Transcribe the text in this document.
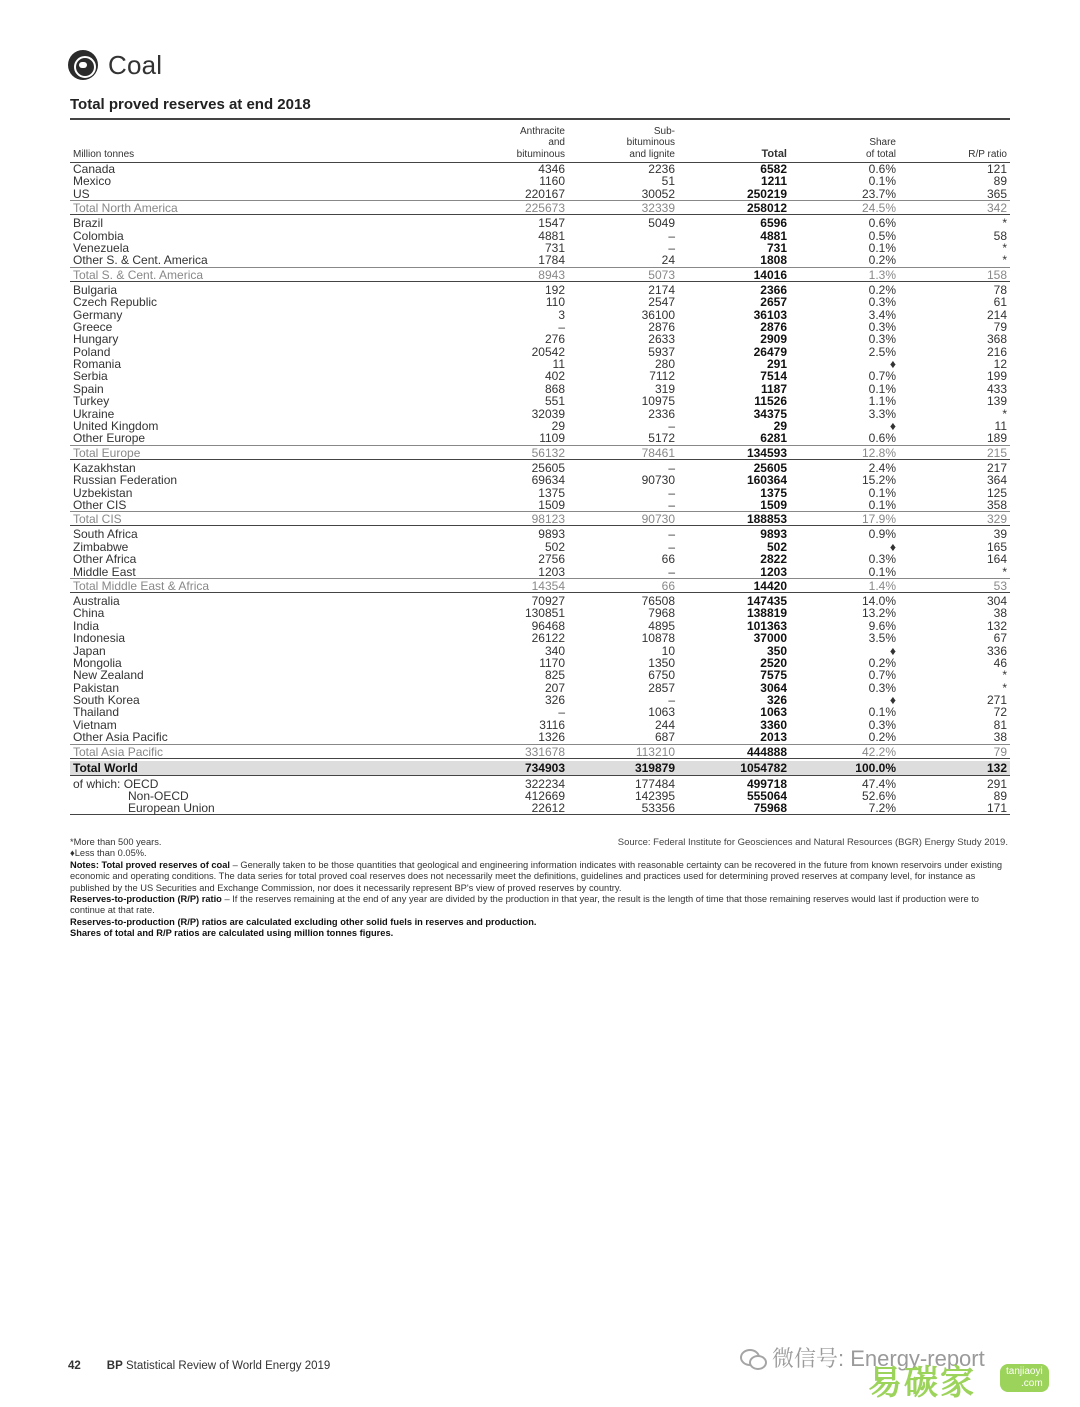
Coal
Total proved reserves at end 2018
Million tonnes
Anthracite
and
bituminous
Sub-
bituminous
and lignite	Total
Share
of total	R/P ratio
Canada	4346	2236	6582	0.6%	121
Mexico	1160	51	1211	0.1%	89
US	220167	30052	250219	23.7%	365
Total North America	225673	32339	258012	24.5%	342
Brazil	1547	5049	6596	0.6%	*
Colombia	4881	–	4881	0.5%	58
Venezuela	731	–	731	0.1%	*
Other S. & Cent. America	1784	24	1808	0.2%	*
Total S. & Cent. America	8943	5073	14016	1.3%	158
Bulgaria	192	2174	2366	0.2%	78
Czech Republic	110	2547	2657	0.3%	61
Germany	3	36100	36103	3.4%	214
Greece	–	2876	2876	0.3%	79
Hungary	276	2633	2909	0.3%	368
Poland	20542	5937	26479	2.5%	216
Romania	11	280	291	♦	12
Serbia	402	7112	7514	0.7%	199
Spain	868	319	1187	0.1%	433
Turkey	551	10975	11526	1.1%	139
Ukraine	32039	2336	34375	3.3%	*
United Kingdom	29	–	29	♦	11
Other Europe	1109	5172	6281	0.6%	189
Total Europe	56132	78461	134593	12.8%	215
Kazakhstan	25605	–	25605	2.4%	217
Russian Federation	69634	90730	160364	15.2%	364
Uzbekistan	1375	–	1375	0.1%	125
Other CIS	1509	–	1509	0.1%	358
Total CIS	98123	90730	188853	17.9%	329
South Africa	9893	–	9893	0.9%	39
Zimbabwe	502	–	502	♦	165
Other Africa	2756	66	2822	0.3%	164
Middle East	1203	–	1203	0.1%	*
Total Middle East & Africa	14354	66	14420	1.4%	53
Australia	70927	76508	147435	14.0%	304
China	130851	7968	138819	13.2%	38
India	96468	4895	101363	9.6%	132
Indonesia	26122	10878	37000	3.5%	67
Japan	340	10	350	♦	336
Mongolia	1170	1350	2520	0.2%	46
New Zealand	825	6750	7575	0.7%	*
Pakistan	207	2857	3064	0.3%	*
South Korea	326	–	326	♦	271
Thailand	–	1063	1063	0.1%	72
Vietnam	3116	244	3360	0.3%	81
Other Asia Pacific	1326	687	2013	0.2%	38
Total Asia Pacific	331678	113210	444888	42.2%	79
Total World	734903	319879	1054782	100.0%	132
of which: OECD	322234	177484	499718	47.4%	291
Non-OECD	412669	142395	555064	52.6%	89
European Union	22612	53356	75968	7.2%	171

*More than 500 years.

♦Less than 0.05%.

Notes: Total proved reserves of coal – Generally taken to be those quantities that geological and engineering information indicates with reasonable certainty can be recovered in the future from known reservoirs under existing economic and operating conditions. The data series for total proved coal reserves does not necessarily meet the definitions, guidelines and practices used for determining proved reserves at company level, for instance as published by the US Securities and Exchange Commission, nor does it necessarily represent BP's view of proved reserves by country.

Reserves-to-production (R/P) ratio – If the reserves remaining at the end of any year are divided by the production in that year, the result is the length of time that those remaining reserves would last if production were to continue at that rate.

Reserves-to-production (R/P) ratios are calculated excluding other solid fuels in reserves and production.

Shares of total and R/P ratios are calculated using million tonnes figures.

Source: Federal Institute for Geosciences and Natural Resources (BGR) Energy Study 2019.
42 BP Statistical Review of World Energy 2019	微信号: Energy-report
易碳家	tanjiaoyi
.com
